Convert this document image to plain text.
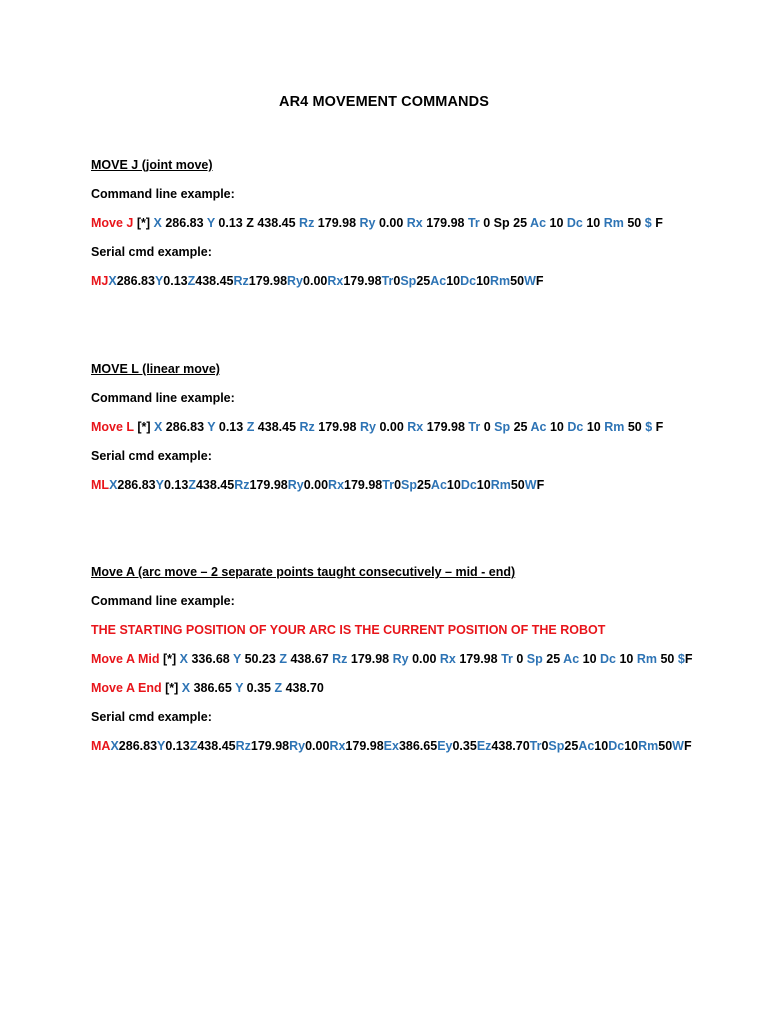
AR4 MOVEMENT COMMANDS
MOVE J (joint move)
Command line example:
Move J [*] X 286.83 Y 0.13 Z 438.45 Rz 179.98 Ry 0.00 Rx 179.98 Tr 0 Sp 25 Ac 10 Dc 10 Rm 50 $ F
Serial cmd example:
MJX286.83Y0.13Z438.45Rz179.98Ry0.00Rx179.98Tr0Sp25Ac10Dc10Rm50WF
MOVE L (linear move)
Command line example:
Move L [*] X 286.83 Y 0.13 Z 438.45 Rz 179.98 Ry 0.00 Rx 179.98 Tr 0 Sp 25 Ac 10 Dc 10 Rm 50 $ F
Serial cmd example:
MLX286.83Y0.13Z438.45Rz179.98Ry0.00Rx179.98Tr0Sp25Ac10Dc10Rm50WF
Move A (arc move – 2 separate points taught consecutively – mid - end)
Command line example:
THE STARTING POSITION OF YOUR ARC IS THE CURRENT POSITION OF THE ROBOT
Move A Mid [*] X 336.68 Y 50.23 Z 438.67 Rz 179.98 Ry 0.00 Rx 179.98 Tr 0 Sp 25 Ac 10 Dc 10 Rm 50 $F
Move A End [*] X 386.65 Y 0.35 Z 438.70
Serial cmd example:
MAX286.83Y0.13Z438.45Rz179.98Ry0.00Rx179.98Ex386.65Ey0.35Ez438.70Tr0Sp25Ac10Dc10Rm50WF
